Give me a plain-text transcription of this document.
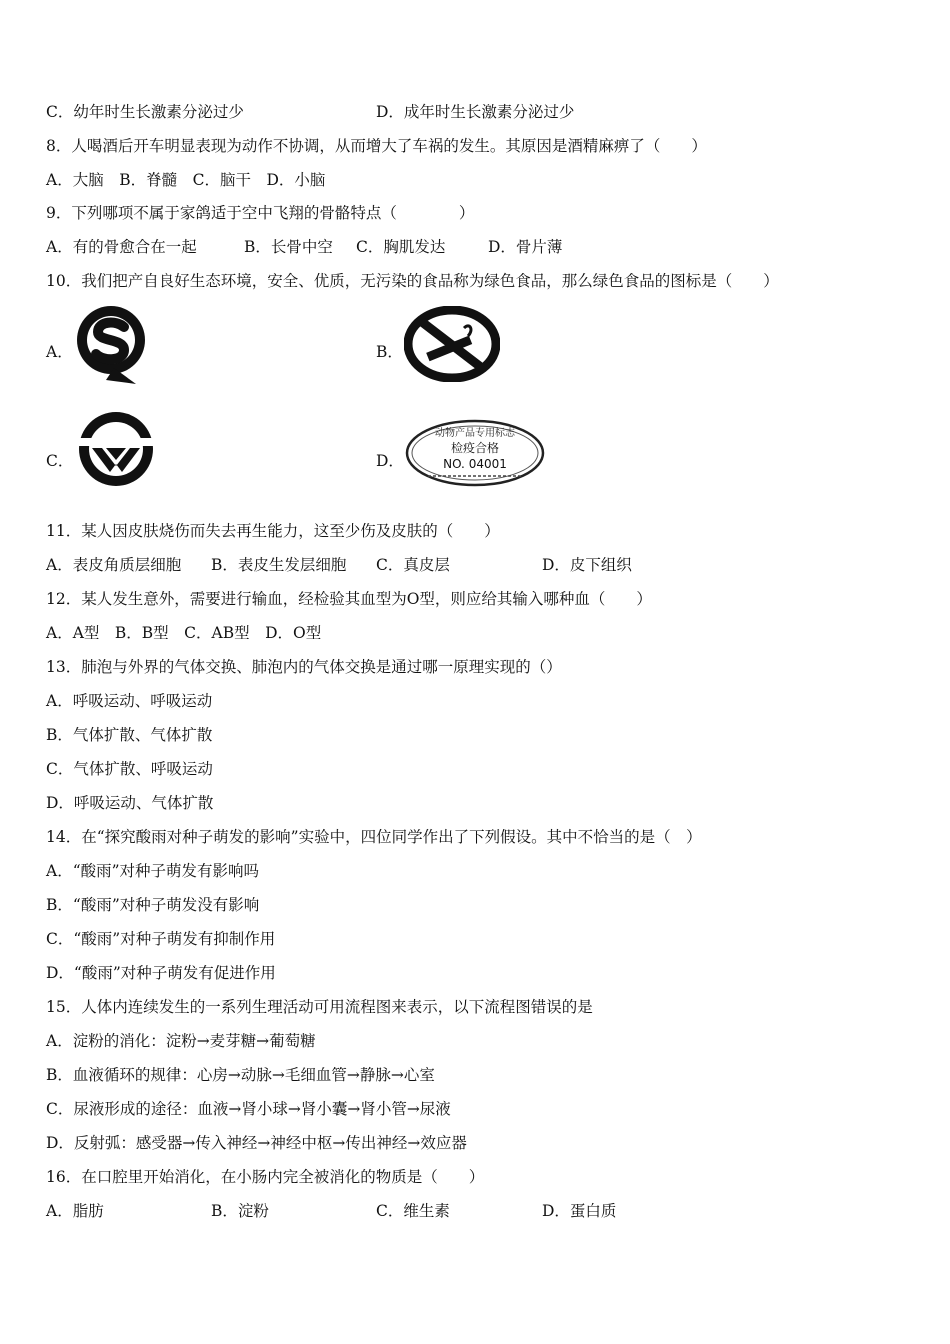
C．幼年时生长激素分泌过少	D．成年时生长激素分泌过少
8．人喝酒后开车明显表现为动作不协调，从而增大了车祸的发生。其原因是酒精麻痹了（　　）
A．大脑　B．脊髓　C．脑干　D．小脑
9．下列哪项不属于家鸽适于空中飞翔的骨骼特点（　　　　）
A．有的骨愈合在一起	B．长骨中空 C．胸肌发达	D．骨片薄
10．我们把产自良好生态环境，安全、优质，无污染的食品称为绿色食品，那么绿色食品的图标是（　　）
A．	B．
C．	D．
动物产品专用标志
检疫合格
NO. 04001
11．某人因皮肤烧伤而失去再生能力，这至少伤及皮肤的（　　）
A．表皮角质层细胞 B．表皮生发层细胞 C．真皮层	D．皮下组织
12．某人发生意外，需要进行输血，经检验其血型为O型，则应给其输入哪种血（　　）
A．A型　B．B型　C．AB型　D．O型
13．肺泡与外界的气体交换、肺泡内的气体交换是通过哪一原理实现的（）
A．呼吸运动、呼吸运动
B．气体扩散、气体扩散
C．气体扩散、呼吸运动
D．呼吸运动、气体扩散
14．在“探究酸雨对种子萌发的影响”实验中，四位同学作出了下列假设。其中不恰当的是（　）
A．“酸雨”对种子萌发有影响吗
B．“酸雨”对种子萌发没有影响
C．“酸雨”对种子萌发有抑制作用
D．“酸雨”对种子萌发有促进作用
15．人体内连续发生的一系列生理活动可用流程图来表示，以下流程图错误的是
A．淀粉的消化：淀粉→麦芽糖→葡萄糖
B．血液循环的规律：心房→动脉→毛细血管→静脉→心室
C．尿液形成的途径：血液→肾小球→肾小囊→肾小管→尿液
D．反射弧：感受器→传入神经→神经中枢→传出神经→效应器
16．在口腔里开始消化，在小肠内完全被消化的物质是（　　）
A．脂肪	B．淀粉	C．维生素	D．蛋白质
